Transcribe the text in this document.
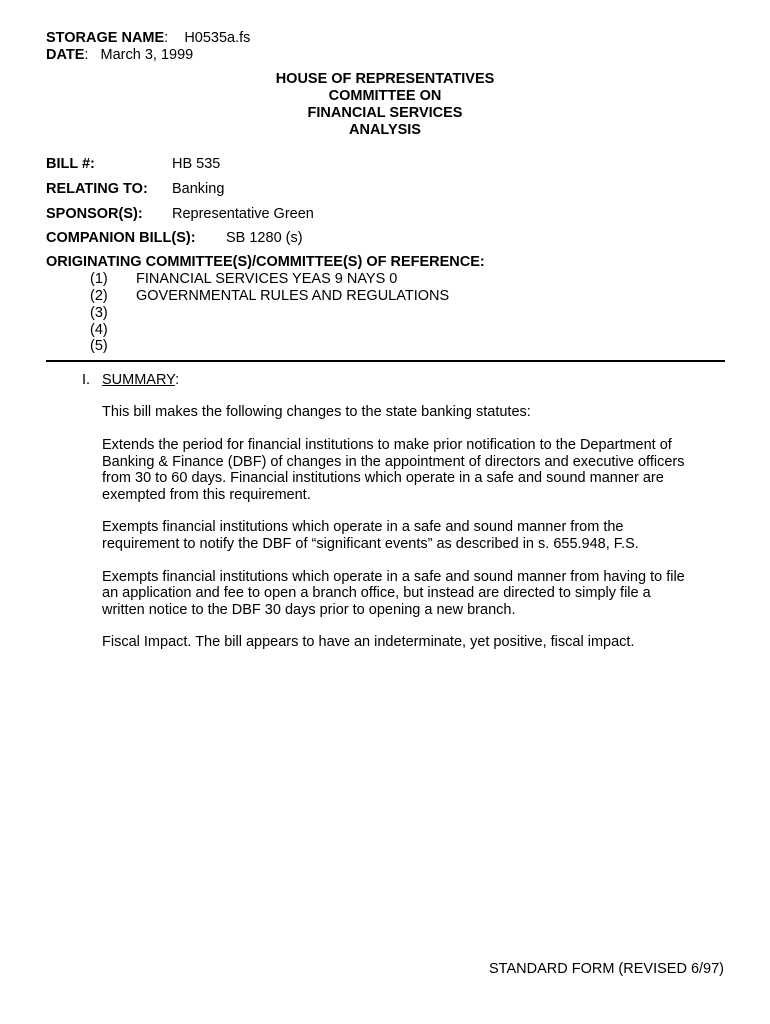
STORAGE NAME:    H0535a.fs
DATE:   March 3, 1999
HOUSE OF REPRESENTATIVES
COMMITTEE ON
FINANCIAL SERVICES
ANALYSIS
BILL #:	HB 535
RELATING TO: Banking
SPONSOR(S): Representative Green
COMPANION BILL(S): SB 1280 (s)
ORIGINATING COMMITTEE(S)/COMMITTEE(S) OF REFERENCE:
(1) FINANCIAL SERVICES YEAS 9 NAYS 0
(2) GOVERNMENTAL RULES AND REGULATIONS
(3)
(4)
(5)
I. SUMMARY:
This bill makes the following changes to the state banking statutes:
Extends the period for financial institutions to make prior notification to the Department of
Banking & Finance (DBF) of changes in the appointment of directors and executive officers
from 30 to 60 days. Financial institutions which operate in a safe and sound manner are
exempted from this requirement.
Exempts financial institutions which operate in a safe and sound manner from the
requirement to notify the DBF of “significant events” as described in s. 655.948, F.S.
Exempts financial institutions which operate in a safe and sound manner from having to file
an application and fee to open a branch office, but instead are directed to simply file a
written notice to the DBF 30 days prior to opening a new branch.
Fiscal Impact. The bill appears to have an indeterminate, yet positive, fiscal impact.
STANDARD FORM (REVISED 6/97)
